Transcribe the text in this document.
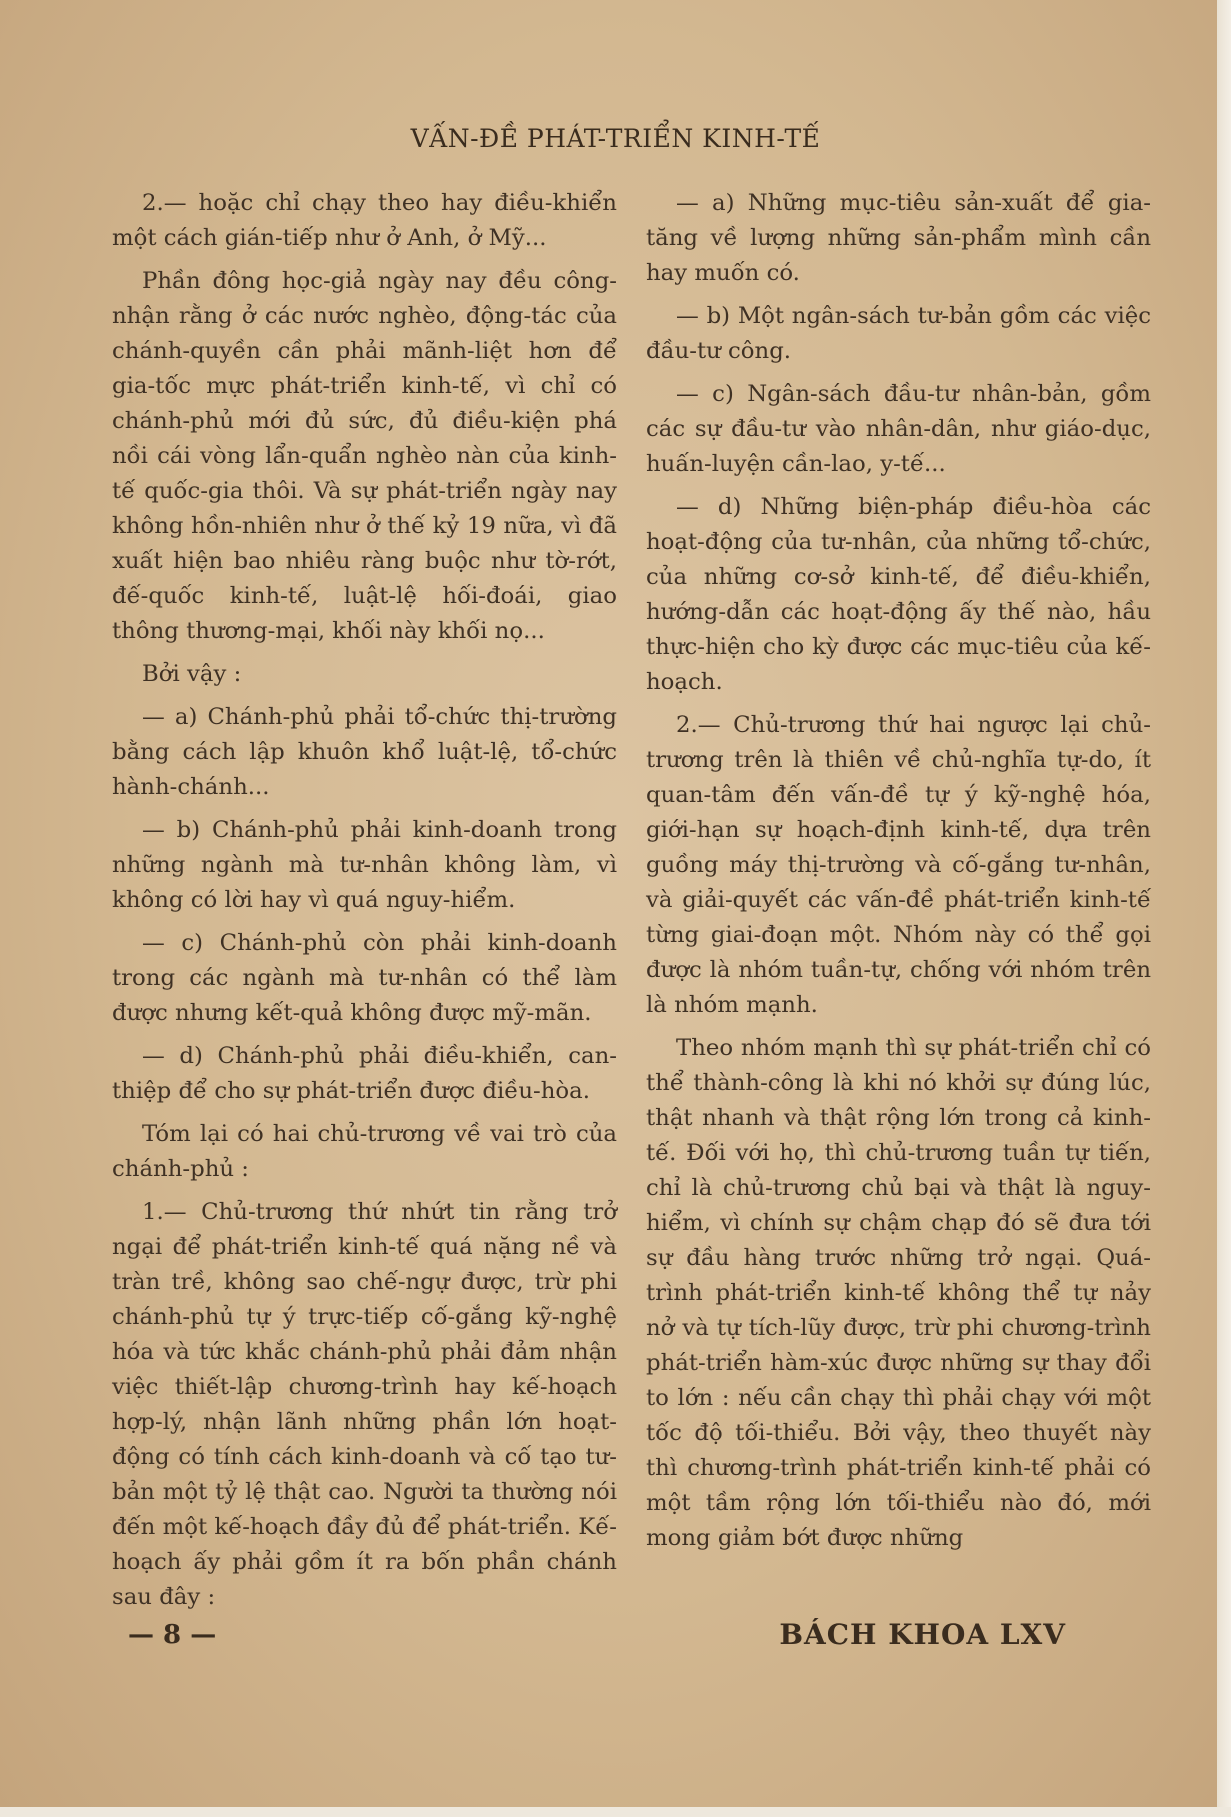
VẤN-ĐỀ PHÁT-TRIỂN KINH-TẾ

2.— hoặc chỉ chạy theo hay điều-khiển một cách gián-tiếp như ở Anh, ở Mỹ...

Phần đông học-giả ngày nay đều công-nhận rằng ở các nước nghèo, động-tác của chánh-quyền cần phải mãnh-liệt hơn để gia-tốc mực phát-triển kinh-tế, vì chỉ có chánh-phủ mới đủ sức, đủ điều-kiện phá nồi cái vòng lẩn-quẩn nghèo nàn của kinh-tế quốc-gia thôi. Và sự phát-triển ngày nay không hồn-nhiên như ở thế kỷ 19 nữa, vì đã xuất hiện bao nhiêu ràng buộc như tờ-rớt, đế-quốc kinh-tế, luật-lệ hối-đoái, giao thông thương-mại, khối này khối nọ...

Bởi vậy :

— a) Chánh-phủ phải tổ-chức thị-trường bằng cách lập khuôn khổ luật-lệ, tổ-chức hành-chánh...

— b) Chánh-phủ phải kinh-doanh trong những ngành mà tư-nhân không làm, vì không có lời hay vì quá nguy-hiểm.

— c) Chánh-phủ còn phải kinh-doanh trong các ngành mà tư-nhân có thể làm được nhưng kết-quả không được mỹ-mãn.

— d) Chánh-phủ phải điều-khiển, can-thiệp để cho sự phát-triển được điều-hòa.

Tóm lại có hai chủ-trương về vai trò của chánh-phủ :

1.— Chủ-trương thứ nhứt tin rằng trở ngại để phát-triển kinh-tế quá nặng nề và tràn trề, không sao chế-ngự được, trừ phi chánh-phủ tự ý trực-tiếp cố-gắng kỹ-nghệ hóa và tức khắc chánh-phủ phải đảm nhận việc thiết-lập chương-trình hay kế-hoạch hợp-lý, nhận lãnh những phần lớn hoạt-động có tính cách kinh-doanh và cố tạo tư-bản một tỷ lệ thật cao. Người ta thường nói đến một kế-hoạch đầy đủ để phát-triển. Kế-hoạch ấy phải gồm ít ra bốn phần chánh sau đây :

— a) Những mục-tiêu sản-xuất để gia-tăng về lượng những sản-phẩm mình cần hay muốn có.

— b) Một ngân-sách tư-bản gồm các việc đầu-tư công.

— c) Ngân-sách đầu-tư nhân-bản, gồm các sự đầu-tư vào nhân-dân, như giáo-dục, huấn-luyện cần-lao, y-tế...

— d) Những biện-pháp điều-hòa các hoạt-động của tư-nhân, của những tổ-chức, của những cơ-sở kinh-tế, để điều-khiển, hướng-dẫn các hoạt-động ấy thế nào, hầu thực-hiện cho kỳ được các mục-tiêu của kế-hoạch.

2.— Chủ-trương thứ hai ngược lại chủ-trương trên là thiên về chủ-nghĩa tự-do, ít quan-tâm đến vấn-đề tự ý kỹ-nghệ hóa, giới-hạn sự hoạch-định kinh-tế, dựa trên guồng máy thị-trường và cố-gắng tư-nhân, và giải-quyết các vấn-đề phát-triển kinh-tế từng giai-đoạn một. Nhóm này có thể gọi được là nhóm tuần-tự, chống với nhóm trên là nhóm mạnh.

Theo nhóm mạnh thì sự phát-triển chỉ có thể thành-công là khi nó khởi sự đúng lúc, thật nhanh và thật rộng lớn trong cả kinh-tế. Đối với họ, thì chủ-trương tuần tự tiến, chỉ là chủ-trương chủ bại và thật là nguy-hiểm, vì chính sự chậm chạp đó sẽ đưa tới sự đầu hàng trước những trở ngại. Quá-trình phát-triển kinh-tế không thể tự nảy nở và tự tích-lũy được, trừ phi chương-trình phát-triển hàm-xúc được những sự thay đổi to lớn : nếu cần chạy thì phải chạy với một tốc độ tối-thiểu. Bởi vậy, theo thuyết này thì chương-trình phát-triển kinh-tế phải có một tầm rộng lớn tối-thiểu nào đó, mới mong giảm bớt được những

— 8 —	BÁCH KHOA LXV
